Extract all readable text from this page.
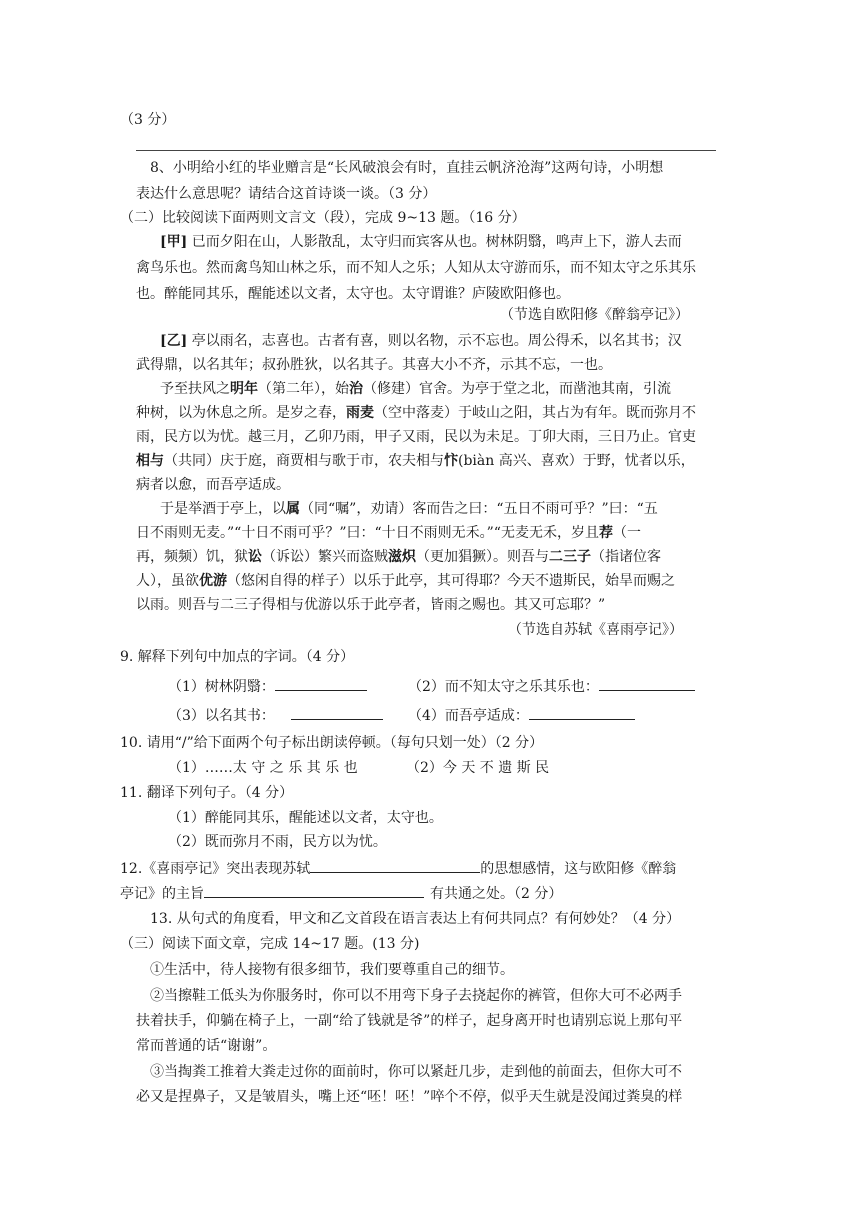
（3 分）
8、小明给小红的毕业赠言是“长风破浪会有时，直挂云帆济沧海”这两句诗，小明想
表达什么意思呢？请结合这首诗谈一谈。（3 分）
（二）比较阅读下面两则文言文（段），完成 9~13 题。（16 分）
[甲] 已而夕阳在山，人影散乱，太守归而宾客从也。树林阴翳，鸣声上下，游人去而
禽鸟乐也。然而禽鸟知山林之乐，而不知人之乐；人知从太守游而乐，而不知太守之乐其乐
也。醉能同其乐，醒能述以文者，太守也。太守谓谁？庐陵欧阳修也。
（节选自欧阳修《醉翁亭记》）
[乙] 亭以雨名，志喜也。古者有喜，则以名物，示不忘也。周公得禾，以名其书；汉
武得鼎，以名其年；叔孙胜狄，以名其子。其喜大小不齐，示其不忘，一也。
予至扶风之明年（第二年），始治（修建）官舍。为亭于堂之北，而凿池其南，引流
种树，以为休息之所。是岁之春，雨麦（空中落麦）于岐山之阳，其占为有年。既而弥月不
雨，民方以为忧。越三月，乙卯乃雨，甲子又雨，民以为未足。丁卯大雨，三日乃止。官吏
相与（共同）庆于庭，商贾相与歌于市，农夫相与忭(biàn 高兴、喜欢）于野，忧者以乐，
病者以愈，而吾亭适成。
于是举酒于亭上，以属（同“嘱”，劝请）客而告之曰：“五日不雨可乎？”曰：“五
日不雨则无麦。”“十日不雨可乎？”曰：“十日不雨则无禾。”“无麦无禾，岁且荐（一
再，频频）饥，狱讼（诉讼）繁兴而盗贼滋炽（更加猖獗）。则吾与二三子（指诸位客
人），虽欲优游（悠闲自得的样子）以乐于此亭，其可得耶？今天不遗斯民，始旱而赐之
以雨。则吾与二三子得相与优游以乐于此亭者，皆雨之赐也。其又可忘耶？”
（节选自苏轼《喜雨亭记》）
9. 解释下列句中加点的字词。（4 分）
（1）树林阴翳：	（2）而不知太守之乐其乐也：
（3）以名其书：	（4）而吾亭适成：
10. 请用“/”给下面两个句子标出朗读停顿。（每句只划一处）（2 分）
（1）……太 守 之 乐 其 乐 也	（2）今 天 不 遗 斯 民
11. 翻译下列句子。（4 分）
（1）醉能同其乐，醒能述以文者，太守也。
（2）既而弥月不雨，民方以为忧。
12.《喜雨亭记》突出表现苏轼	的思想感情，这与欧阳修《醉翁
亭记》的主旨	有共通之处。（2 分）
13. 从句式的角度看，甲文和乙文首段在语言表达上有何共同点？有何妙处？（4 分）
（三）阅读下面文章，完成 14~17 题。(13 分)
①生活中，待人接物有很多细节，我们要尊重自己的细节。
②当擦鞋工低头为你服务时，你可以不用弯下身子去挠起你的裤管，但你大可不必两手
扶着扶手，仰躺在椅子上，一副“给了钱就是爷”的样子，起身离开时也请别忘说上那句平
常而普通的话“谢谢”。
③当掏粪工推着大粪走过你的面前时，你可以紧赶几步，走到他的前面去，但你大可不
必又是捏鼻子，又是皱眉头，嘴上还“呸！呸！”啐个不停，似乎天生就是没闻过粪臭的样
